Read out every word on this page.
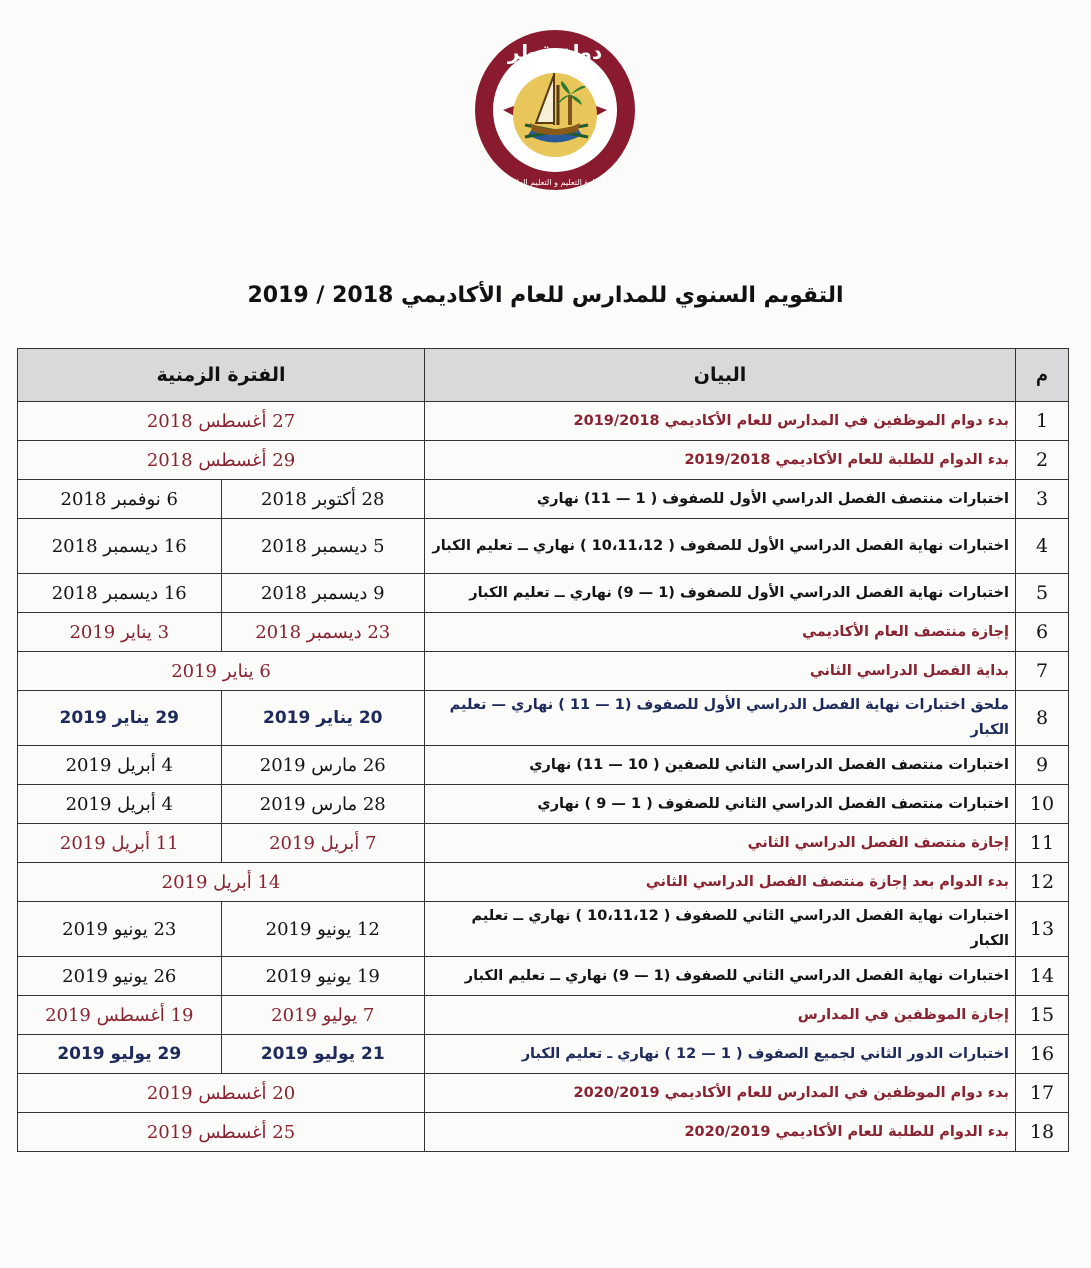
دولة قطر
وزارة التعليم و التعليم العالي
التقويم السنوي للمدارس للعام الأكاديمي 2018 / 2019
م	البيان	الفترة الزمنية	
1	بدء دوام الموظفين في المدارس للعام الأكاديمي 2019/2018	27 أغسطس 2018	
2	بدء الدوام للطلبة للعام الأكاديمي 2019/2018	29 أغسطس 2018	
3	اختبارات منتصف الفصل الدراسي الأول للصفوف ( 1 — 11) نهاري	28 أكتوبر 2018	6 نوفمبر 2018
4	اختبارات نهاية الفصل الدراسي الأول للصفوف ( 10،11،12 ) نهاري ــ تعليم الكبار	5 ديسمبر 2018	16 ديسمبر 2018
5	اختبارات نهاية الفصل الدراسي الأول للصفوف (1 — 9) نهاري ــ تعليم الكبار	9 ديسمبر 2018	16 ديسمبر 2018
6	إجازة منتصف العام الأكاديمي	23 ديسمبر 2018	3 يناير 2019
7	بداية الفصل الدراسي الثاني	6 يناير 2019	
8	ملحق اختبارات نهاية الفصل الدراسي الأول للصفوف (1 — 11 ) نهاري — تعليم الكبار	20 يناير 2019	29 يناير 2019
9	اختبارات منتصف الفصل الدراسي الثاني للصفين ( 10 — 11) نهاري	26 مارس 2019	4 أبريل 2019
10	اختبارات منتصف الفصل الدراسي الثاني للصفوف ( 1 — 9 ) نهاري	28 مارس 2019	4 أبريل 2019
11	إجازة منتصف الفصل الدراسي الثاني	7 أبريل 2019	11 أبريل 2019
12	بدء الدوام بعد إجازة منتصف الفصل الدراسي الثاني	14 أبريل 2019	
13	اختبارات نهاية الفصل الدراسي الثاني للصفوف ( 10،11،12 ) نهاري ــ تعليم الكبار	12 يونيو 2019	23 يونيو 2019
14	اختبارات نهاية الفصل الدراسي الثاني للصفوف (1 — 9) نهاري ــ تعليم الكبار	19 يونيو 2019	26 يونيو 2019
15	إجازة الموظفين في المدارس	7 يوليو 2019	19 أغسطس 2019
16	اختبارات الدور الثاني لجميع الصفوف ( 1 — 12 ) نهاري ـ تعليم الكبار	21 يوليو 2019	29 يوليو 2019
17	بدء دوام الموظفين في المدارس للعام الأكاديمي 2020/2019	20 أغسطس 2019	
18	بدء الدوام للطلبة للعام الأكاديمي 2020/2019	25 أغسطس 2019	
